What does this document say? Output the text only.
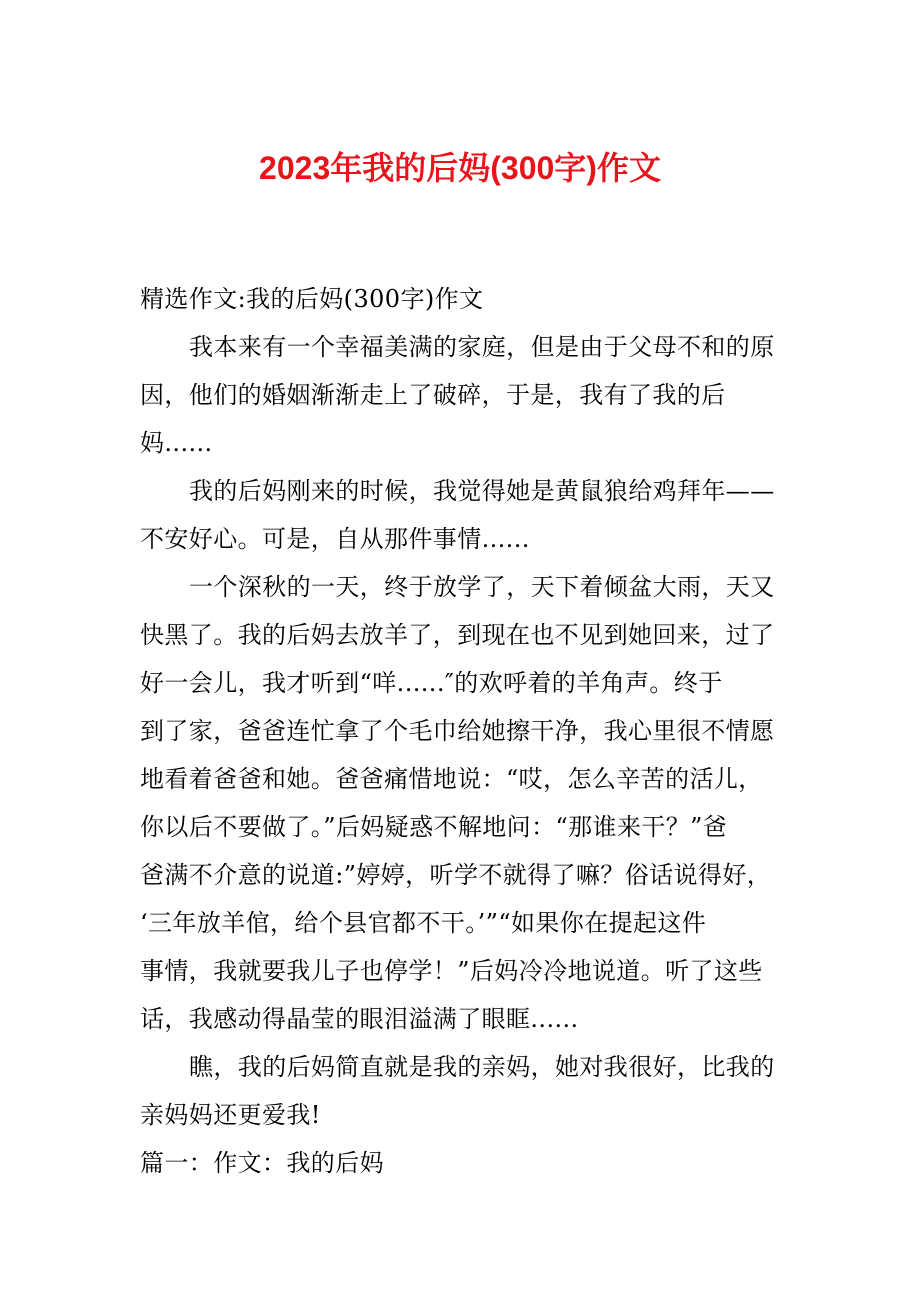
2023年我的后妈(300字)作文
精选作文:我的后妈(300字)作文
我本来有一个幸福美满的家庭，但是由于父母不和的原
因，他们的婚姻渐渐走上了破碎，于是，我有了我的后
妈......
我的后妈刚来的时候，我觉得她是黄鼠狼给鸡拜年——
不安好心。可是，自从那件事情......
一个深秋的一天，终于放学了，天下着倾盆大雨，天又
快黑了。我的后妈去放羊了，到现在也不见到她回来，过了
好一会儿，我才听到“咩......″的欢呼着的羊角声。终于
到了家，爸爸连忙拿了个毛巾给她擦干净，我心里很不情愿
地看着爸爸和她。爸爸痛惜地说：“哎，怎么辛苦的活儿，
你以后不要做了。”后妈疑惑不解地问：“那谁来干？”爸
爸满不介意的说道:”婷婷，听学不就得了嘛？俗话说得好，
‘三年放羊倌，给个县官都不干。’”“如果你在提起这件
事情，我就要我儿子也停学！”后妈冷冷地说道。听了这些
话，我感动得晶莹的眼泪溢满了眼眶......
瞧，我的后妈简直就是我的亲妈，她对我很好，比我的
亲妈妈还更爱我!
篇一：作文：我的后妈
